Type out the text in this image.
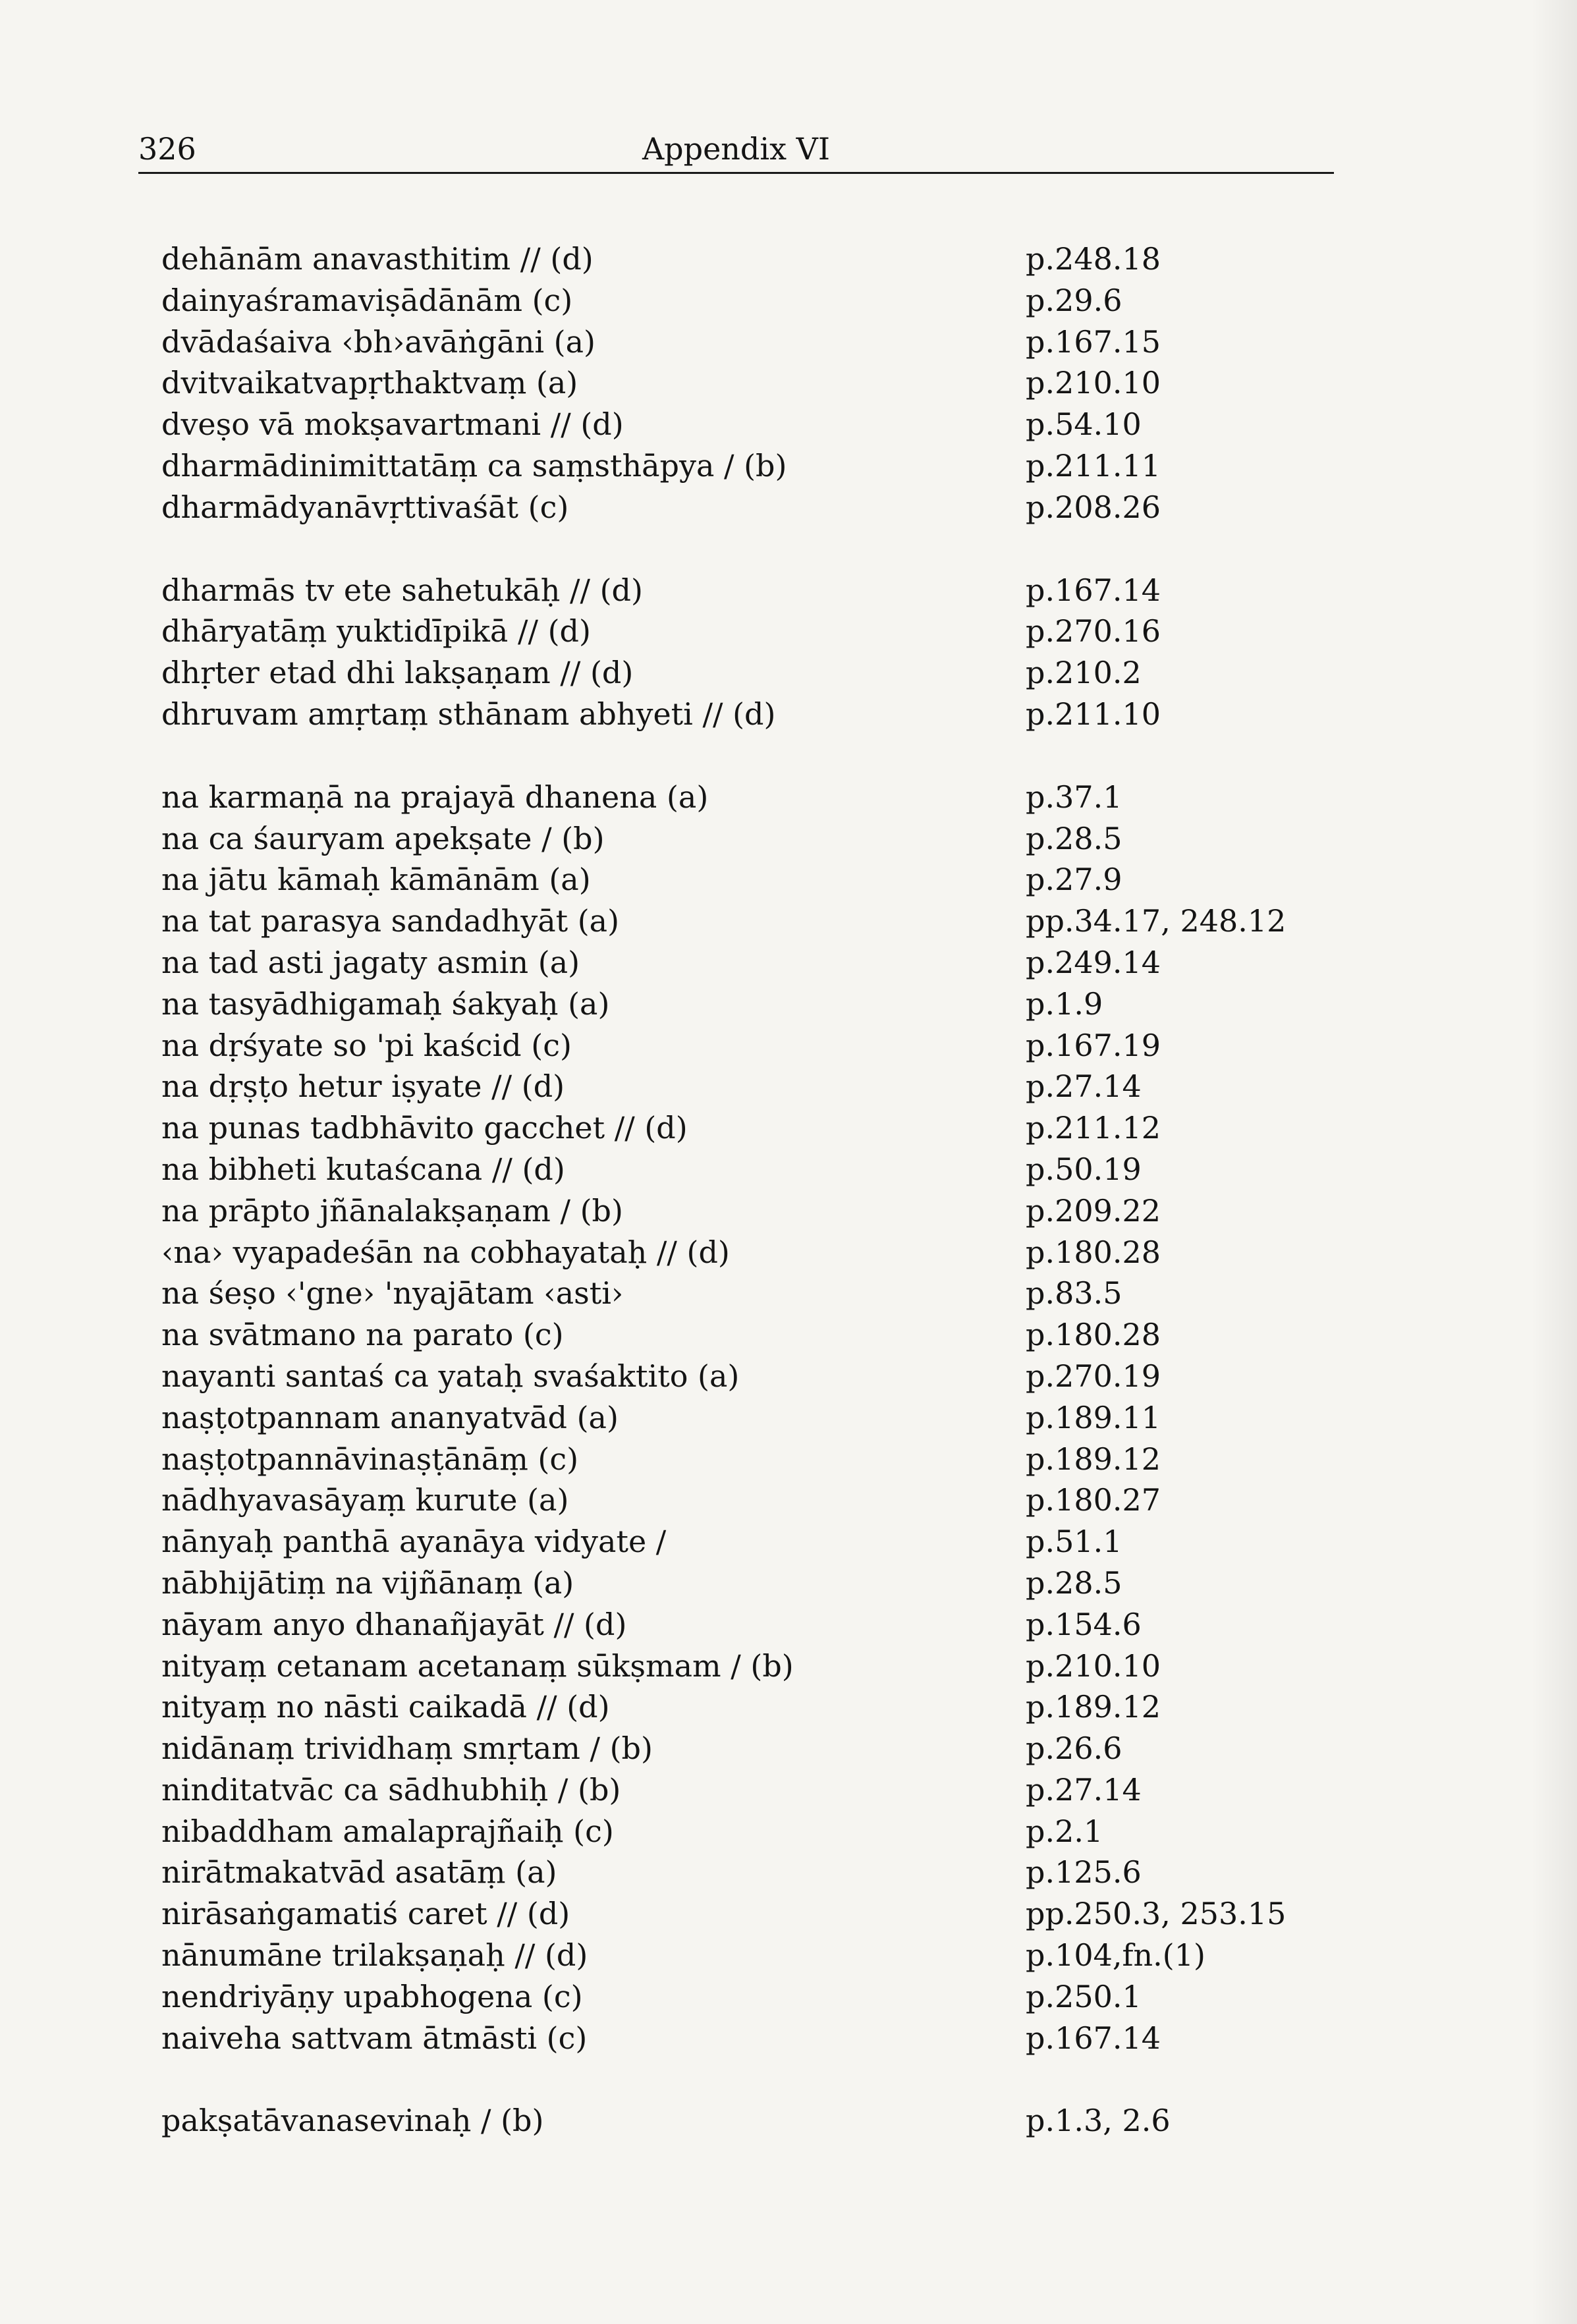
326	Appendix VI
dehānām anavasthitim // (d)	p.248.18
dainyaśramaviṣādānām (c)	p.29.6
dvādaśaiva ‹bh›avāṅgāni (a)	p.167.15
dvitvaikatvapṛthaktvaṃ (a)	p.210.10
dveṣo vā mokṣavartmani // (d)	p.54.10
dharmādinimittatāṃ ca saṃsthāpya / (b)	p.211.11
dharmādyanāvṛttivaśāt (c)	p.208.26
dharmās tv ete sahetukāḥ // (d)	p.167.14
dhāryatāṃ yuktidīpikā // (d)	p.270.16
dhṛter etad dhi lakṣaṇam // (d)	p.210.2
dhruvam amṛtaṃ sthānam abhyeti // (d)	p.211.10
na karmaṇā na prajayā dhanena (a)	p.37.1
na ca śauryam apekṣate / (b)	p.28.5
na jātu kāmaḥ kāmānām (a)	p.27.9
na tat parasya sandadhyāt (a)	pp.34.17, 248.12
na tad asti jagaty asmin (a)	p.249.14
na tasyādhigamaḥ śakyaḥ (a)	p.1.9
na dṛśyate so 'pi kaścid (c)	p.167.19
na dṛṣṭo hetur iṣyate // (d)	p.27.14
na punas tadbhāvito gacchet // (d)	p.211.12
na bibheti kutaścana // (d)	p.50.19
na prāpto jñānalakṣaṇam / (b)	p.209.22
‹na› vyapadeśān na cobhayataḥ // (d)	p.180.28
na śeṣo ‹'gne› 'nyajātam ‹asti›	p.83.5
na svātmano na parato (c)	p.180.28
nayanti santaś ca yataḥ svaśaktito (a)	p.270.19
naṣṭotpannam ananyatvād (a)	p.189.11
naṣṭotpannāvinaṣṭānāṃ (c)	p.189.12
nādhyavasāyaṃ kurute (a)	p.180.27
nānyaḥ panthā ayanāya vidyate /	p.51.1
nābhijātiṃ na vijñānaṃ (a)	p.28.5
nāyam anyo dhanañjayāt // (d)	p.154.6
nityaṃ cetanam acetanaṃ sūkṣmam / (b)	p.210.10
nityaṃ no nāsti caikadā // (d)	p.189.12
nidānaṃ trividhaṃ smṛtam / (b)	p.26.6
ninditatvāc ca sādhubhiḥ / (b)	p.27.14
nibaddham amalaprajñaiḥ (c)	p.2.1
nirātmakatvād asatāṃ (a)	p.125.6
nirāsaṅgamatiś caret // (d)	pp.250.3, 253.15
nānumāne trilakṣaṇaḥ // (d)	p.104,fn.(1)
nendriyāṇy upabhogena (c)	p.250.1
naiveha sattvam ātmāsti (c)	p.167.14
pakṣatāvanasevinaḥ / (b)	p.1.3, 2.6
